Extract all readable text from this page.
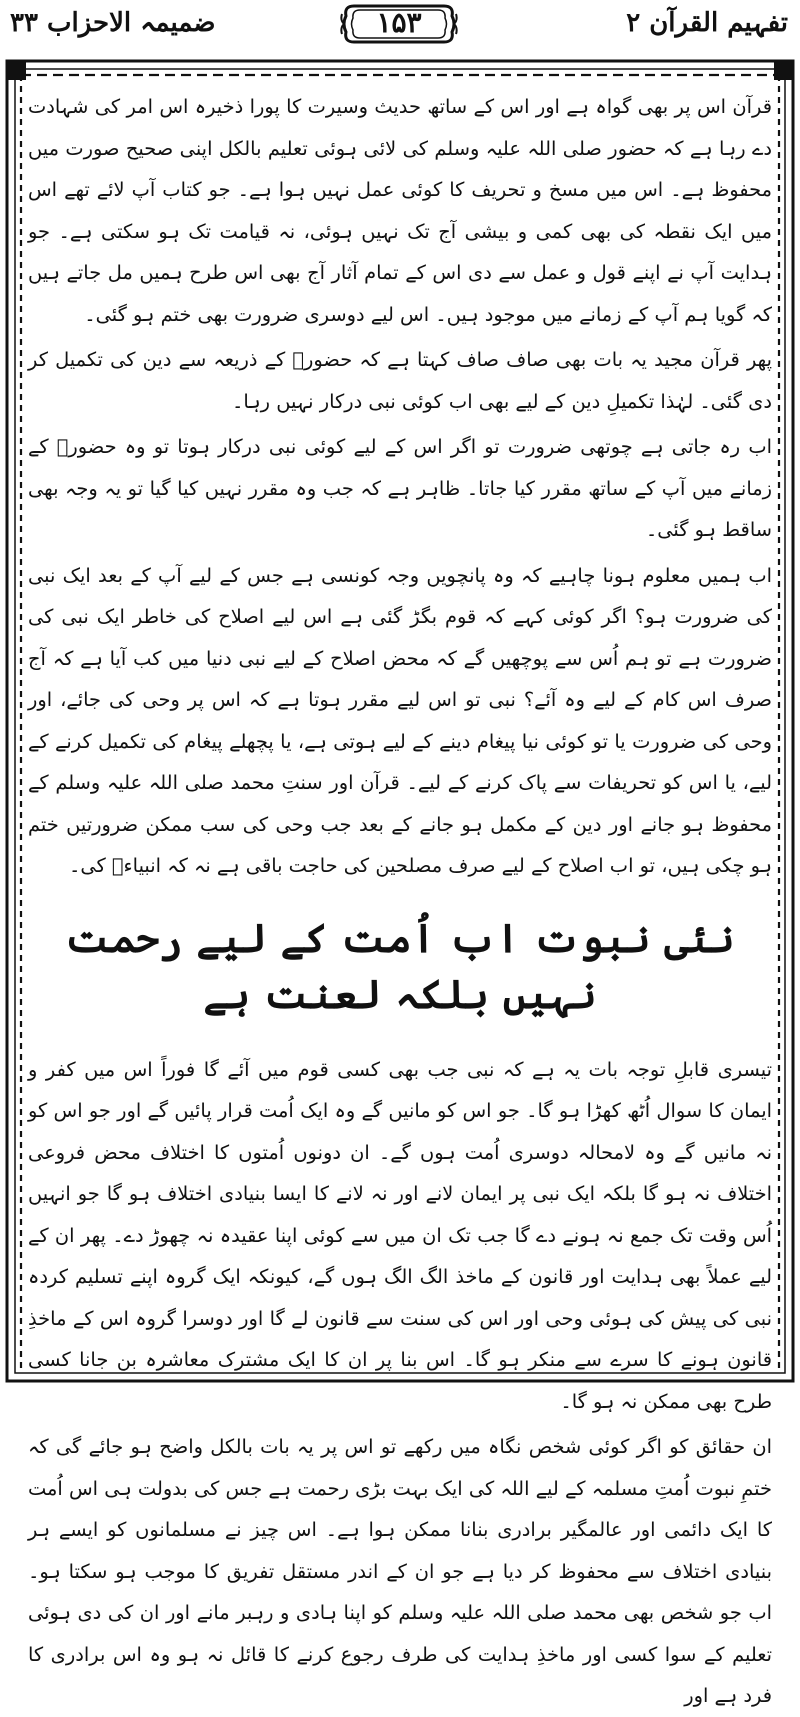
تفہیم القرآن ۲
۱۵۳
ضمیمہ الاحزاب ۳۳

قرآن اس پر بھی گواہ ہے اور اس کے ساتھ حدیث وسیرت کا پورا ذخیرہ اس امر کی شہادت دے رہا ہے کہ حضور صلی اللہ علیہ وسلم کی لائی ہوئی تعلیم بالکل اپنی صحیح صورت میں محفوظ ہے۔ اس میں مسخ و تحریف کا کوئی عمل نہیں ہوا ہے۔ جو کتاب آپ لائے تھے اس میں ایک نقطہ کی بھی کمی و بیشی آج تک نہیں ہوئی، نہ قیامت تک ہو سکتی ہے۔ جو ہدایت آپ نے اپنے قول و عمل سے دی اس کے تمام آثار آج بھی اس طرح ہمیں مل جاتے ہیں کہ گویا ہم آپ کے زمانے میں موجود ہیں۔ اس لیے دوسری ضرورت بھی ختم ہو گئی۔

پھر قرآن مجید یہ بات بھی صاف صاف کہتا ہے کہ حضورؐ کے ذریعہ سے دین کی تکمیل کر دی گئی۔ لہٰذا تکمیلِ دین کے لیے بھی اب کوئی نبی درکار نہیں رہا۔

اب رہ جاتی ہے چوتھی ضرورت تو اگر اس کے لیے کوئی نبی درکار ہوتا تو وہ حضورؐ کے زمانے میں آپ کے ساتھ مقرر کیا جاتا۔ ظاہر ہے کہ جب وہ مقرر نہیں کیا گیا تو یہ وجہ بھی ساقط ہو گئی۔

اب ہمیں معلوم ہونا چاہیے کہ وہ پانچویں وجہ کونسی ہے جس کے لیے آپ کے بعد ایک نبی کی ضرورت ہو؟ اگر کوئی کہے کہ قوم بگڑ گئی ہے اس لیے اصلاح کی خاطر ایک نبی کی ضرورت ہے تو ہم اُس سے پوچھیں گے کہ محض اصلاح کے لیے نبی دنیا میں کب آیا ہے کہ آج صرف اس کام کے لیے وہ آئے؟ نبی تو اس لیے مقرر ہوتا ہے کہ اس پر وحی کی جائے، اور وحی کی ضرورت یا تو کوئی نیا پیغام دینے کے لیے ہوتی ہے، یا پچھلے پیغام کی تکمیل کرنے کے لیے، یا اس کو تحریفات سے پاک کرنے کے لیے۔ قرآن اور سنتِ محمد صلی اللہ علیہ وسلم کے محفوظ ہو جانے اور دین کے مکمل ہو جانے کے بعد جب وحی کی سب ممکن ضرورتیں ختم ہو چکی ہیں، تو اب اصلاح کے لیے صرف مصلحین کی حاجت باقی ہے نہ کہ انبیاءؑ کی۔

نئی نبوت اب اُمت کے لیے رحمت نہیں بلکہ لعنت ہے

تیسری قابلِ توجہ بات یہ ہے کہ نبی جب بھی کسی قوم میں آئے گا فوراً اس میں کفر و ایمان کا سوال اُٹھ کھڑا ہو گا۔ جو اس کو مانیں گے وہ ایک اُمت قرار پائیں گے اور جو اس کو نہ مانیں گے وہ لامحالہ دوسری اُمت ہوں گے۔ ان دونوں اُمتوں کا اختلاف محض فروعی اختلاف نہ ہو گا بلکہ ایک نبی پر ایمان لانے اور نہ لانے کا ایسا بنیادی اختلاف ہو گا جو انہیں اُس وقت تک جمع نہ ہونے دے گا جب تک ان میں سے کوئی اپنا عقیدہ نہ چھوڑ دے۔ پھر ان کے لیے عملاً بھی ہدایت اور قانون کے ماخذ الگ الگ ہوں گے، کیونکہ ایک گروہ اپنے تسلیم کردہ نبی کی پیش کی ہوئی وحی اور اس کی سنت سے قانون لے گا اور دوسرا گروہ اس کے ماخذِ قانون ہونے کا سرے سے منکر ہو گا۔ اس بنا پر ان کا ایک مشترک معاشرہ بن جانا کسی طرح بھی ممکن نہ ہو گا۔

ان حقائق کو اگر کوئی شخص نگاہ میں رکھے تو اس پر یہ بات بالکل واضح ہو جائے گی کہ ختمِ نبوت اُمتِ مسلمہ کے لیے اللہ کی ایک بہت بڑی رحمت ہے جس کی بدولت ہی اس اُمت کا ایک دائمی اور عالمگیر برادری بنانا ممکن ہوا ہے۔ اس چیز نے مسلمانوں کو ایسے ہر بنیادی اختلاف سے محفوظ کر دیا ہے جو ان کے اندر مستقل تفریق کا موجب ہو سکتا ہو۔ اب جو شخص بھی محمد صلی اللہ علیہ وسلم کو اپنا ہادی و رہبر مانے اور ان کی دی ہوئی تعلیم کے سوا کسی اور ماخذِ ہدایت کی طرف رجوع کرنے کا قائل نہ ہو وہ اس برادری کا فرد ہے اور
